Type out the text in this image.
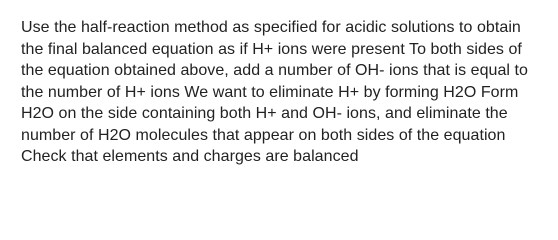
Use the half-reaction method as specified for acidic solutions to obtain the final balanced equation as if H+ ions were present To both sides of the equation obtained above, add a number of OH- ions that is equal to the number of H+ ions We want to eliminate H+ by forming H2O Form H2O on the side containing both H+ and OH- ions, and eliminate the number of H2O molecules that appear on both sides of the equation Check that elements and charges are balanced
